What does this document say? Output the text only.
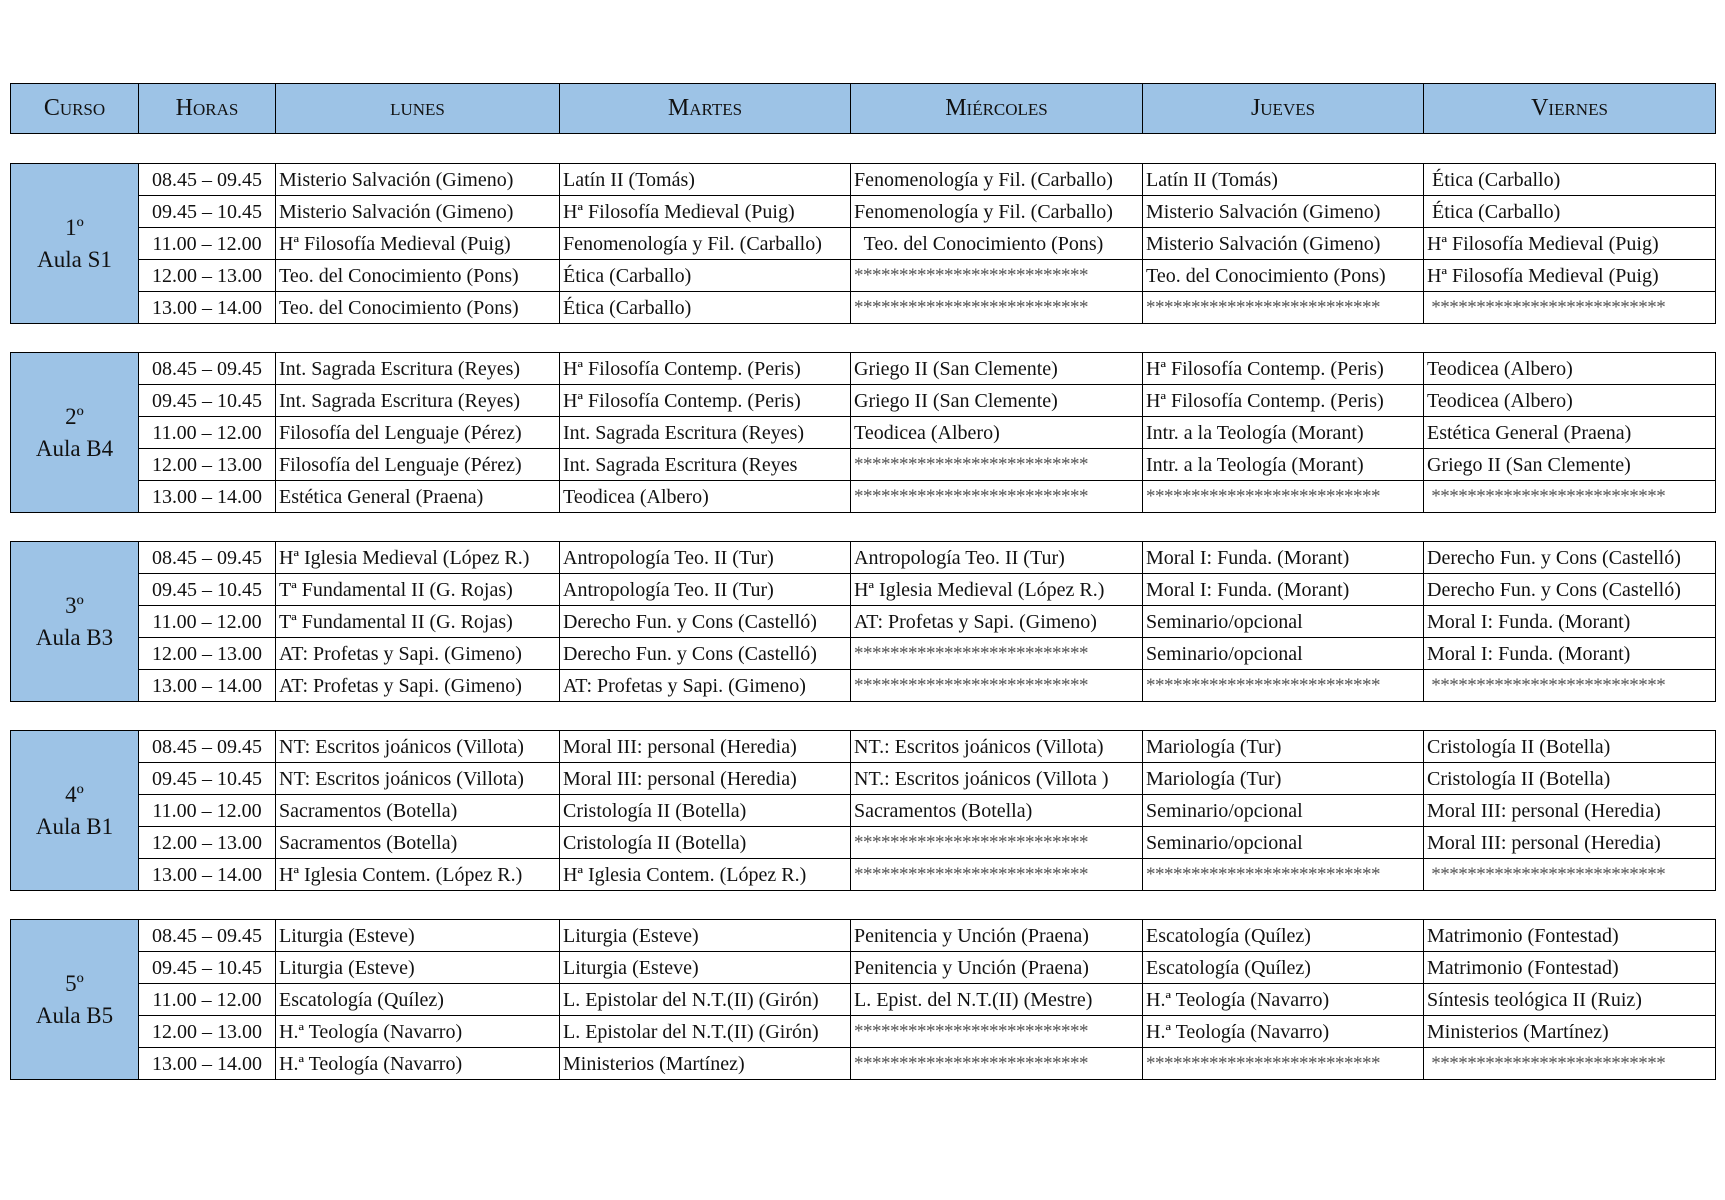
Curso	Horas	lunes	Martes	Miércoles	Jueves	Viernes

1º
Aula S1	08.45 – 09.45	Misterio Salvación (Gimeno)	Latín II (Tomás)	Fenomenología y Fil. (Carballo)	Latín II (Tomás)	Ética (Carballo)
	09.45 – 10.45	Misterio Salvación (Gimeno)	Hª Filosofía Medieval (Puig)	Fenomenología y Fil. (Carballo)	Misterio Salvación (Gimeno)	Ética (Carballo)
	11.00 – 12.00	Hª Filosofía Medieval (Puig)	Fenomenología y Fil. (Carballo)	Teo. del Conocimiento (Pons)	Misterio Salvación (Gimeno)	Hª Filosofía Medieval (Puig)
	12.00 – 13.00	Teo. del Conocimiento (Pons)	Ética (Carballo)	**************************	Teo. del Conocimiento (Pons)	Hª Filosofía Medieval (Puig)
	13.00 – 14.00	Teo. del Conocimiento (Pons)	Ética (Carballo)	**************************	**************************	**************************

2º
Aula B4	08.45 – 09.45	Int. Sagrada Escritura (Reyes)	Hª Filosofía Contemp. (Peris)	Griego II (San Clemente)	Hª Filosofía Contemp. (Peris)	Teodicea (Albero)
	09.45 – 10.45	Int. Sagrada Escritura (Reyes)	Hª Filosofía Contemp. (Peris)	Griego II (San Clemente)	Hª Filosofía Contemp. (Peris)	Teodicea (Albero)
	11.00 – 12.00	Filosofía del Lenguaje (Pérez)	Int. Sagrada Escritura (Reyes)	Teodicea (Albero)	Intr. a la Teología (Morant)	Estética General (Praena)
	12.00 – 13.00	Filosofía del Lenguaje (Pérez)	Int. Sagrada Escritura (Reyes	**************************	Intr. a la Teología (Morant)	Griego II (San Clemente)
	13.00 – 14.00	Estética General (Praena)	Teodicea (Albero)	**************************	**************************	**************************

3º
Aula B3	08.45 – 09.45	Hª Iglesia Medieval (López R.)	Antropología Teo. II (Tur)	Antropología Teo. II (Tur)	Moral I: Funda. (Morant)	Derecho Fun. y Cons (Castelló)
	09.45 – 10.45	Tª Fundamental II (G. Rojas)	Antropología Teo. II (Tur)	Hª Iglesia Medieval (López R.)	Moral I: Funda. (Morant)	Derecho Fun. y Cons (Castelló)
	11.00 – 12.00	Tª Fundamental II (G. Rojas)	Derecho Fun. y Cons (Castelló)	AT: Profetas y Sapi. (Gimeno)	Seminario/opcional	Moral I: Funda. (Morant)
	12.00 – 13.00	AT: Profetas y Sapi. (Gimeno)	Derecho Fun. y Cons (Castelló)	**************************	Seminario/opcional	Moral I: Funda. (Morant)
	13.00 – 14.00	AT: Profetas y Sapi. (Gimeno)	AT: Profetas y Sapi. (Gimeno)	**************************	**************************	**************************

4º
Aula B1	08.45 – 09.45	NT: Escritos joánicos (Villota)	Moral III: personal (Heredia)	NT.: Escritos joánicos (Villota)	Mariología (Tur)	Cristología II (Botella)
	09.45 – 10.45	NT: Escritos joánicos (Villota)	Moral III: personal (Heredia)	NT.: Escritos joánicos (Villota )	Mariología (Tur)	Cristología II (Botella)
	11.00 – 12.00	Sacramentos (Botella)	Cristología II (Botella)	Sacramentos (Botella)	Seminario/opcional	Moral III: personal (Heredia)
	12.00 – 13.00	Sacramentos (Botella)	Cristología II (Botella)	**************************	Seminario/opcional	Moral III: personal (Heredia)
	13.00 – 14.00	Hª Iglesia Contem. (López R.)	Hª Iglesia Contem. (López R.)	**************************	**************************	**************************

5º
Aula B5	08.45 – 09.45	Liturgia (Esteve)	Liturgia (Esteve)	Penitencia y Unción (Praena)	Escatología (Quílez)	Matrimonio (Fontestad)
	09.45 – 10.45	Liturgia (Esteve)	Liturgia (Esteve)	Penitencia y Unción (Praena)	Escatología (Quílez)	Matrimonio (Fontestad)
	11.00 – 12.00	Escatología (Quílez)	L. Epistolar del N.T.(II) (Girón)	L. Epist. del N.T.(II) (Mestre)	H.ª Teología (Navarro)	Síntesis teológica II (Ruiz)
	12.00 – 13.00	H.ª Teología (Navarro)	L. Epistolar del N.T.(II) (Girón)	**************************	H.ª Teología (Navarro)	Ministerios (Martínez)
	13.00 – 14.00	H.ª Teología (Navarro)	Ministerios (Martínez)	**************************	**************************	**************************
